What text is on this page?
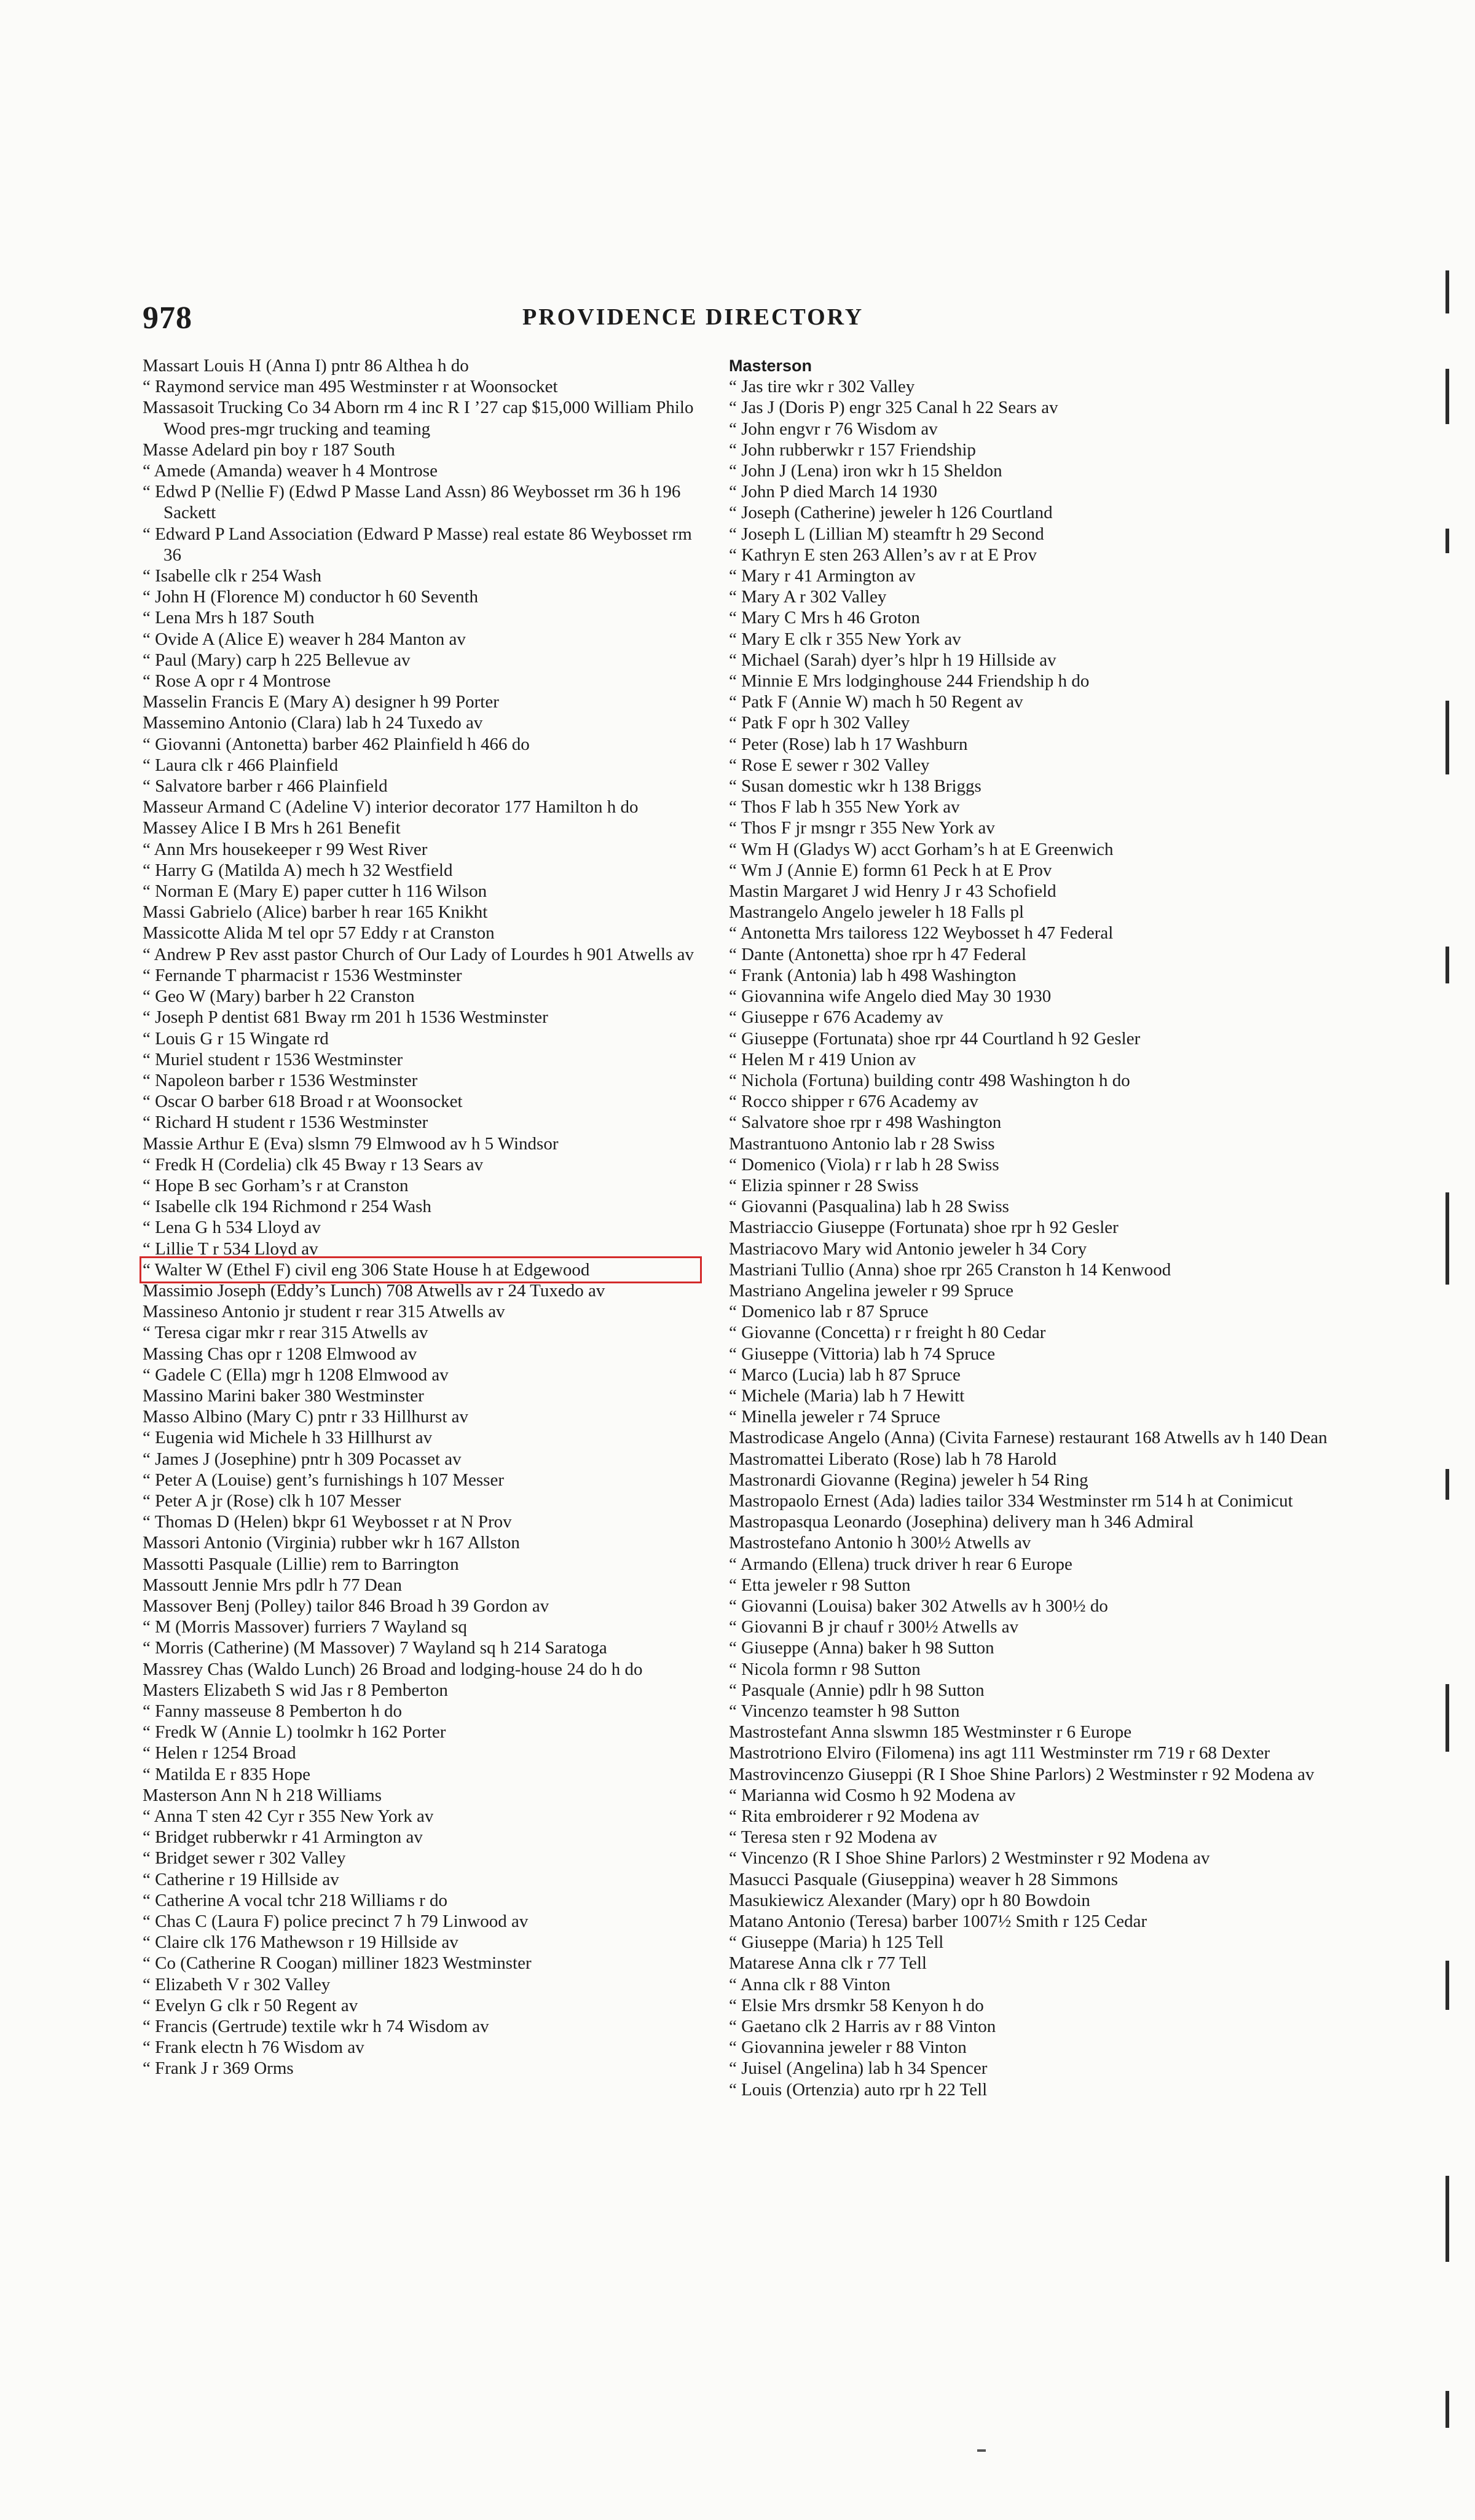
978	PROVIDENCE DIRECTORY
Massart Louis H (Anna I) pntr 86 Althea h do
“ Raymond service man 495 Westminster r at Woonsocket
Massasoit Trucking Co 34 Aborn rm 4 inc R I ’27 cap $15,000 William Philo Wood pres-mgr trucking and teaming
Masse Adelard pin boy r 187 South
“ Amede (Amanda) weaver h 4 Montrose
“ Edwd P (Nellie F) (Edwd P Masse Land Assn) 86 Weybosset rm 36 h 196 Sackett
“ Edward P Land Association (Edward P Masse) real estate 86 Weybosset rm 36
“ Isabelle clk r 254 Wash
“ John H (Florence M) conductor h 60 Seventh
“ Lena Mrs h 187 South
“ Ovide A (Alice E) weaver h 284 Manton av
“ Paul (Mary) carp h 225 Bellevue av
“ Rose A opr r 4 Montrose
Masselin Francis E (Mary A) designer h 99 Porter
Massemino Antonio (Clara) lab h 24 Tuxedo av
“ Giovanni (Antonetta) barber 462 Plainfield h 466 do
“ Laura clk r 466 Plainfield
“ Salvatore barber r 466 Plainfield
Masseur Armand C (Adeline V) interior decorator 177 Hamilton h do
Massey Alice I B Mrs h 261 Benefit
“ Ann Mrs housekeeper r 99 West River
“ Harry G (Matilda A) mech h 32 Westfield
“ Norman E (Mary E) paper cutter h 116 Wilson
Massi Gabrielo (Alice) barber h rear 165 Knikht
Massicotte Alida M tel opr 57 Eddy r at Cranston
“ Andrew P Rev asst pastor Church of Our Lady of Lourdes h 901 Atwells av
“ Fernande T pharmacist r 1536 Westminster
“ Geo W (Mary) barber h 22 Cranston
“ Joseph P dentist 681 Bway rm 201 h 1536 Westminster
“ Louis G r 15 Wingate rd
“ Muriel student r 1536 Westminster
“ Napoleon barber r 1536 Westminster
“ Oscar O barber 618 Broad r at Woonsocket
“ Richard H student r 1536 Westminster
Massie Arthur E (Eva) slsmn 79 Elmwood av h 5 Windsor
“ Fredk H (Cordelia) clk 45 Bway r 13 Sears av
“ Hope B sec Gorham’s r at Cranston
“ Isabelle clk 194 Richmond r 254 Wash
“ Lena G h 534 Lloyd av
“ Lillie T r 534 Lloyd av
“ Walter W (Ethel F) civil eng 306 State House h at Edgewood
Massimio Joseph (Eddy’s Lunch) 708 Atwells av r 24 Tuxedo av
Massineso Antonio jr student r rear 315 Atwells av
“ Teresa cigar mkr r rear 315 Atwells av
Massing Chas opr r 1208 Elmwood av
“ Gadele C (Ella) mgr h 1208 Elmwood av
Massino Marini baker 380 Westminster
Masso Albino (Mary C) pntr r 33 Hillhurst av
“ Eugenia wid Michele h 33 Hillhurst av
“ James J (Josephine) pntr h 309 Pocasset av
“ Peter A (Louise) gent’s furnishings h 107 Messer
“ Peter A jr (Rose) clk h 107 Messer
“ Thomas D (Helen) bkpr 61 Weybosset r at N Prov
Massori Antonio (Virginia) rubber wkr h 167 Allston
Massotti Pasquale (Lillie) rem to Barrington
Massoutt Jennie Mrs pdlr h 77 Dean
Massover Benj (Polley) tailor 846 Broad h 39 Gordon av
“ M (Morris Massover) furriers 7 Wayland sq
“ Morris (Catherine) (M Massover) 7 Wayland sq h 214 Saratoga
Massrey Chas (Waldo Lunch) 26 Broad and lodging-house 24 do h do
Masters Elizabeth S wid Jas r 8 Pemberton
“ Fanny masseuse 8 Pemberton h do
“ Fredk W (Annie L) toolmkr h 162 Porter
“ Helen r 1254 Broad
“ Matilda E r 835 Hope
Masterson Ann N h 218 Williams
“ Anna T sten 42 Cyr r 355 New York av
“ Bridget rubberwkr r 41 Armington av
“ Bridget sewer r 302 Valley
“ Catherine r 19 Hillside av
“ Catherine A vocal tchr 218 Williams r do
“ Chas C (Laura F) police precinct 7 h 79 Linwood av
“ Claire clk 176 Mathewson r 19 Hillside av
“ Co (Catherine R Coogan) milliner 1823 Westminster
“ Elizabeth V r 302 Valley
“ Evelyn G clk r 50 Regent av
“ Francis (Gertrude) textile wkr h 74 Wisdom av
“ Frank electn h 76 Wisdom av
“ Frank J r 369 Orms
Masterson
“ Jas tire wkr r 302 Valley
“ Jas J (Doris P) engr 325 Canal h 22 Sears av
“ John engvr r 76 Wisdom av
“ John rubberwkr r 157 Friendship
“ John J (Lena) iron wkr h 15 Sheldon
“ John P died March 14 1930
“ Joseph (Catherine) jeweler h 126 Courtland
“ Joseph L (Lillian M) steamftr h 29 Second
“ Kathryn E sten 263 Allen’s av r at E Prov
“ Mary r 41 Armington av
“ Mary A r 302 Valley
“ Mary C Mrs h 46 Groton
“ Mary E clk r 355 New York av
“ Michael (Sarah) dyer’s hlpr h 19 Hillside av
“ Minnie E Mrs lodginghouse 244 Friendship h do
“ Patk F (Annie W) mach h 50 Regent av
“ Patk F opr h 302 Valley
“ Peter (Rose) lab h 17 Washburn
“ Rose E sewer r 302 Valley
“ Susan domestic wkr h 138 Briggs
“ Thos F lab h 355 New York av
“ Thos F jr msngr r 355 New York av
“ Wm H (Gladys W) acct Gorham’s h at E Greenwich
“ Wm J (Annie E) formn 61 Peck h at E Prov
Mastin Margaret J wid Henry J r 43 Schofield
Mastrangelo Angelo jeweler h 18 Falls pl
“ Antonetta Mrs tailoress 122 Weybosset h 47 Federal
“ Dante (Antonetta) shoe rpr h 47 Federal
“ Frank (Antonia) lab h 498 Washington
“ Giovannina wife Angelo died May 30 1930
“ Giuseppe r 676 Academy av
“ Giuseppe (Fortunata) shoe rpr 44 Courtland h 92 Gesler
“ Helen M r 419 Union av
“ Nichola (Fortuna) building contr 498 Washington h do
“ Rocco shipper r 676 Academy av
“ Salvatore shoe rpr r 498 Washington
Mastrantuono Antonio lab r 28 Swiss
“ Domenico (Viola) r r lab h 28 Swiss
“ Elizia spinner r 28 Swiss
“ Giovanni (Pasqualina) lab h 28 Swiss
Mastriaccio Giuseppe (Fortunata) shoe rpr h 92 Gesler
Mastriacovo Mary wid Antonio jeweler h 34 Cory
Mastriani Tullio (Anna) shoe rpr 265 Cranston h 14 Kenwood
Mastriano Angelina jeweler r 99 Spruce
“ Domenico lab r 87 Spruce
“ Giovanne (Concetta) r r freight h 80 Cedar
“ Giuseppe (Vittoria) lab h 74 Spruce
“ Marco (Lucia) lab h 87 Spruce
“ Michele (Maria) lab h 7 Hewitt
“ Minella jeweler r 74 Spruce
Mastrodicase Angelo (Anna) (Civita Farnese) restaurant 168 Atwells av h 140 Dean
Mastromattei Liberato (Rose) lab h 78 Harold
Mastronardi Giovanne (Regina) jeweler h 54 Ring
Mastropaolo Ernest (Ada) ladies tailor 334 Westminster rm 514 h at Conimicut
Mastropasqua Leonardo (Josephina) delivery man h 346 Admiral
Mastrostefano Antonio h 300½ Atwells av
“ Armando (Ellena) truck driver h rear 6 Europe
“ Etta jeweler r 98 Sutton
“ Giovanni (Louisa) baker 302 Atwells av h 300½ do
“ Giovanni B jr chauf r 300½ Atwells av
“ Giuseppe (Anna) baker h 98 Sutton
“ Nicola formn r 98 Sutton
“ Pasquale (Annie) pdlr h 98 Sutton
“ Vincenzo teamster h 98 Sutton
Mastrostefant Anna slswmn 185 Westminster r 6 Europe
Mastrotriono Elviro (Filomena) ins agt 111 Westminster rm 719 r 68 Dexter
Mastrovincenzo Giuseppi (R I Shoe Shine Parlors) 2 Westminster r 92 Modena av
“ Marianna wid Cosmo h 92 Modena av
“ Rita embroiderer r 92 Modena av
“ Teresa sten r 92 Modena av
“ Vincenzo (R I Shoe Shine Parlors) 2 Westminster r 92 Modena av
Masucci Pasquale (Giuseppina) weaver h 28 Simmons
Masukiewicz Alexander (Mary) opr h 80 Bowdoin
Matano Antonio (Teresa) barber 1007½ Smith r 125 Cedar
“ Giuseppe (Maria) h 125 Tell
Matarese Anna clk r 77 Tell
“ Anna clk r 88 Vinton
“ Elsie Mrs drsmkr 58 Kenyon h do
“ Gaetano clk 2 Harris av r 88 Vinton
“ Giovannina jeweler r 88 Vinton
“ Juisel (Angelina) lab h 34 Spencer
“ Louis (Ortenzia) auto rpr h 22 Tell
